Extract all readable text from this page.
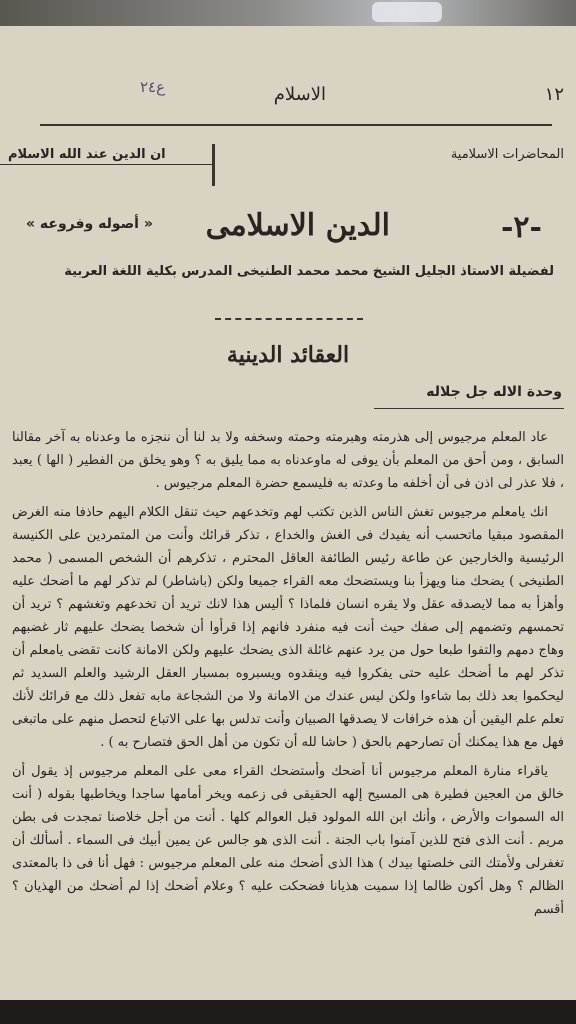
١٢
الاسلام
ع٢٤
المحاضرات الاسلامية
ان الدين عند الله الاسلام
-٢-
الدين الاسلامى
« أصوله وفروعه »
لفضيلة الاستاذ الجليل الشيخ محمد محمد الطنيخى المدرس بكلية اللغة العربية
العقائد الدينية
وحدة الاله جل جلاله

عاد المعلم مرجيوس إلى هذرمته وهبرمته وحمته وسخفه ولا بد لنا أن ننجزه ما وعدناه به آخر مقالنا السابق ، ومن أحق من المعلم بأن يوفى له ماوعدناه به مما يليق به ؟ وهو يخلق من الفطير ( الها ) يعبد ، فلا عذر لى اذن فى أن أخلفه ما وعدته به فليسمع حضرة المعلم مرجيوس .

انك يامعلم مرجيوس تغش الناس الذين تكتب لهم وتخدعهم حيث تنقل الكلام اليهم حاذفا منه الغرض المقصود مبقيا ماتحسب أنه يفيدك فى الغش والخداع ، تذكر قرائك وأنت من المتمردين على الكنيسة الرئيسية والخارجين عن طاعة رئيس الطائفة العاقل المحترم ، تذكرهم أن الشخص المسمى ( محمد الطنيخى ) يضحك منا ويهزأ بنا ويستضحك معه القراء جميعا ولكن (باشاطر) لم تذكر لهم ما أضحك عليه وأهزأ به مما لايصدقه عقل ولا يقره انسان فلماذا ؟ أليس هذا لانك تريد أن تخدعهم وتغشهم ؟ تريد أن تحمسهم وتضمهم إلى صفك حيث أنت فيه منفرد فانهم إذا قرأوا أن شخصا يضحك عليهم ثار غضبهم وهاج دمهم والتفوا طبعا حول من يرد عنهم غائلة الذى يضحك عليهم ولكن الامانة كانت تقضى يامعلم أن تذكر لهم ما أضحك عليه حتى يفكروا فيه وينقدوه ويسبروه بمسبار العقل الرشيد والعلم السديد ثم ليحكموا بعد ذلك بما شاءوا ولكن ليس عندك من الامانة ولا من الشجاعة مابه تفعل ذلك مع قرائك لأنك تعلم علم اليقين أن هذه خرافات لا يصدقها الصبيان وأنت تدلس بها على الاتباع لتحصل منهم على ماتبغى فهل مع هذا يمكنك أن تصارحهم بالحق ( حاشا لله أن تكون من أهل الحق فتصارح به ) .

ياقراء منارة المعلم مرجيوس أنا أضحك وأستضحك القراء معى على المعلم مرجيوس إذ يقول أن خالق من العجين فطيرة هى المسيح إلهه الحقيقى فى زعمه ويخر أمامها ساجدا ويخاطبها بقوله ( أنت اله السموات والأرض ، وأنك ابن الله المولود قبل العوالم كلها . أنت من أجل خلاصنا تمجدت فى بطن مريم . أنت الذى فتح للذين آمنوا باب الجنة . أنت الذى هو جالس عن يمين أبيك فى السماء . أسألك أن تغفرلى ولأمتك التى خلصتها بيدك ) هذا الذى أضحك منه على المعلم مرجيوس : فهل أنا فى ذا بالمعتدى الظالم ؟ وهل أكون ظالما إذا سميت هذيانا فضحكت عليه ؟ وعلام أضحك إذا لم أضحك من الهذيان ؟ أقسم
